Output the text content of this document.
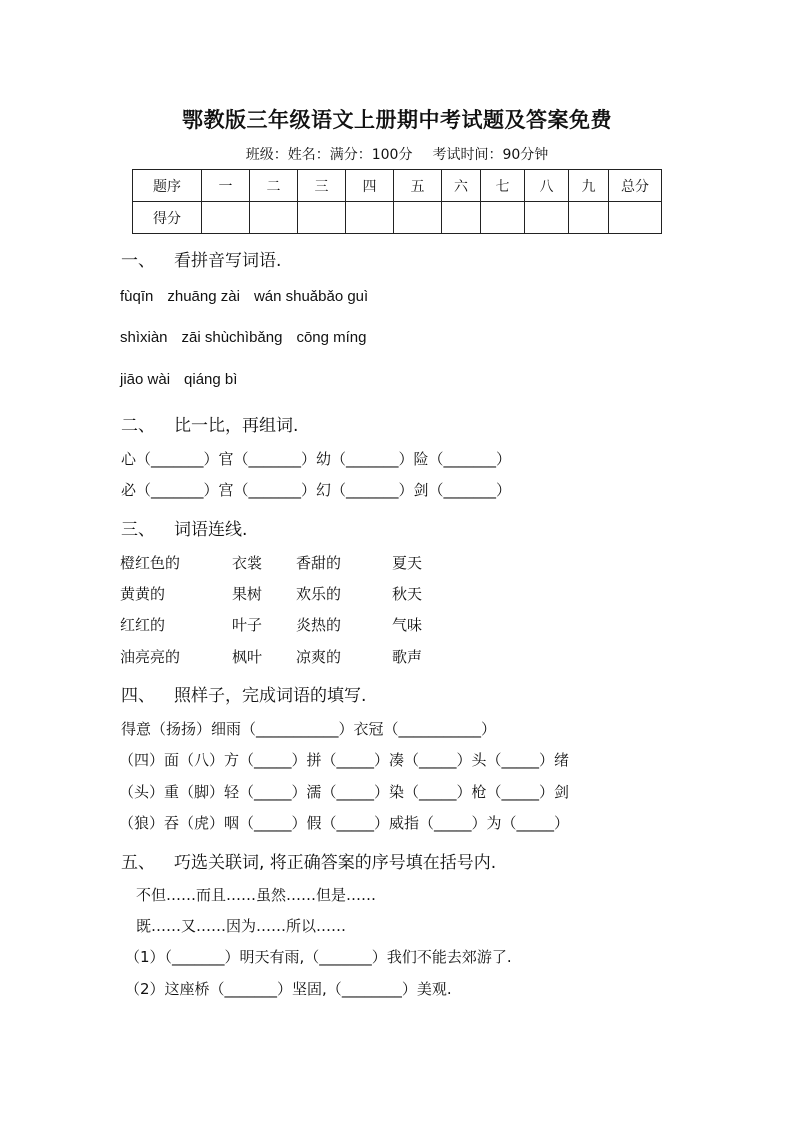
鄂教版三年级语文上册期中考试题及答案免费
班级：姓名：满分：100分 考试时间：90分钟
题序	一	二	三	四	五	六	七	八	九	总分
得分										
一、 看拼音写词语.
fùqīn zhuāng zài wán shuǎbǎo guì
shìxiàn zāi shùchìbǎng cōng míng
jiāo wài qiáng bì
二、 比一比，再组词.
心（_______）官（_______）幼（_______）险（_______）
必（_______）宫（_______）幻（_______）剑（_______）
三、 词语连线.
橙红色的	衣裳 香甜的	夏天
黄黄的	果树 欢乐的	秋天
红红的	叶子 炎热的	气味
油亮亮的	枫叶 凉爽的	歌声
四、 照样子，完成词语的填写.
得意（扬扬）细雨（___________）衣冠（___________）
（四）面（八）方（_____）拼（_____）凑（_____）头（_____）绪
（头）重（脚）轻（_____）濡（_____）染（_____）枪（_____）剑
（狼）吞（虎）咽（_____）假（_____）威指（_____）为（_____）
五、 巧选关联词, 将正确答案的序号填在括号内.
不但……而且……虽然……但是……
既……又……因为……所以……
（1）（_______）明天有雨,（_______）我们不能去郊游了.
（2）这座桥（_______）坚固,（________）美观.
